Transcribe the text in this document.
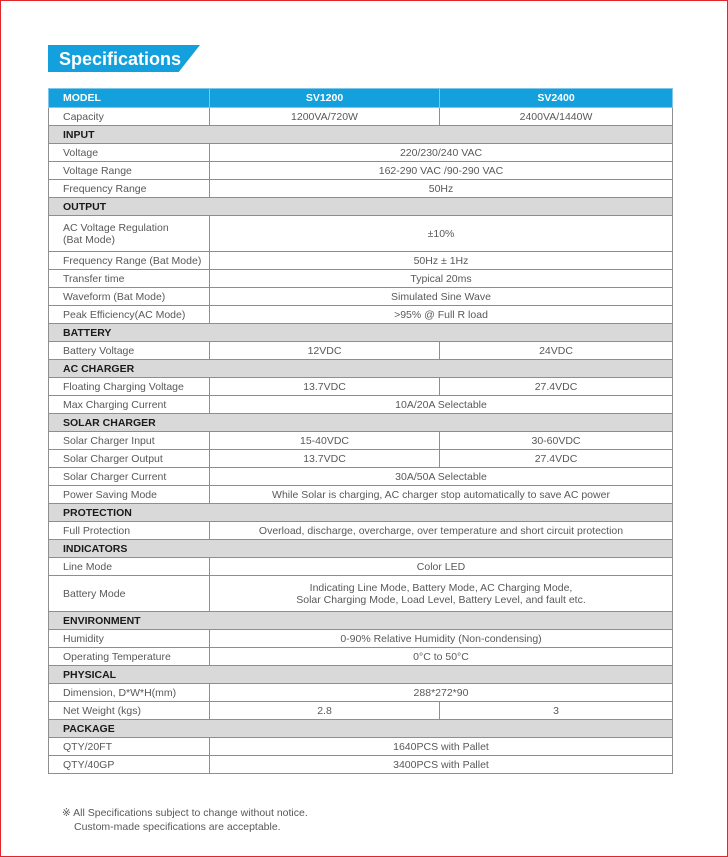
Specifications
MODEL	SV1200	SV2400
Capacity	1200VA/720W	2400VA/1440W
INPUT		
Voltage	220/230/240 VAC	
Voltage Range	162-290 VAC /90-290 VAC	
Frequency Range	50Hz	
OUTPUT		
AC Voltage Regulation
(Bat Mode)	±10%	
Frequency Range (Bat Mode)	50Hz ± 1Hz	
Transfer time	Typical 20ms	
Waveform (Bat Mode)	Simulated Sine Wave	
Peak Efficiency(AC Mode)	>95% @ Full R load	
BATTERY		
Battery Voltage	12VDC	24VDC
AC CHARGER		
Floating Charging Voltage	13.7VDC	27.4VDC
Max Charging Current	10A/20A Selectable	
SOLAR CHARGER		
Solar Charger Input	15-40VDC	30-60VDC
Solar Charger Output	13.7VDC	27.4VDC
Solar Charger Current	30A/50A Selectable	
Power Saving Mode	While Solar is charging, AC charger stop automatically to save AC power	
PROTECTION		
Full Protection	Overload, discharge, overcharge, over temperature and short circuit protection	
INDICATORS		
Line Mode	Color LED	
Battery Mode	Indicating Line Mode, Battery Mode, AC Charging Mode,
Solar Charging Mode, Load Level, Battery Level, and fault etc.	
ENVIRONMENT		
Humidity	0-90% Relative Humidity (Non-condensing)	
Operating Temperature	0°C to 50°C	
PHYSICAL		
Dimension, D*W*H(mm)	288*272*90	
Net Weight (kgs)	2.8	3
PACKAGE		
QTY/20FT	1640PCS with Pallet	
QTY/40GP	3400PCS with Pallet	
※ All Specifications subject to change without notice.
Custom-made specifications are acceptable.
